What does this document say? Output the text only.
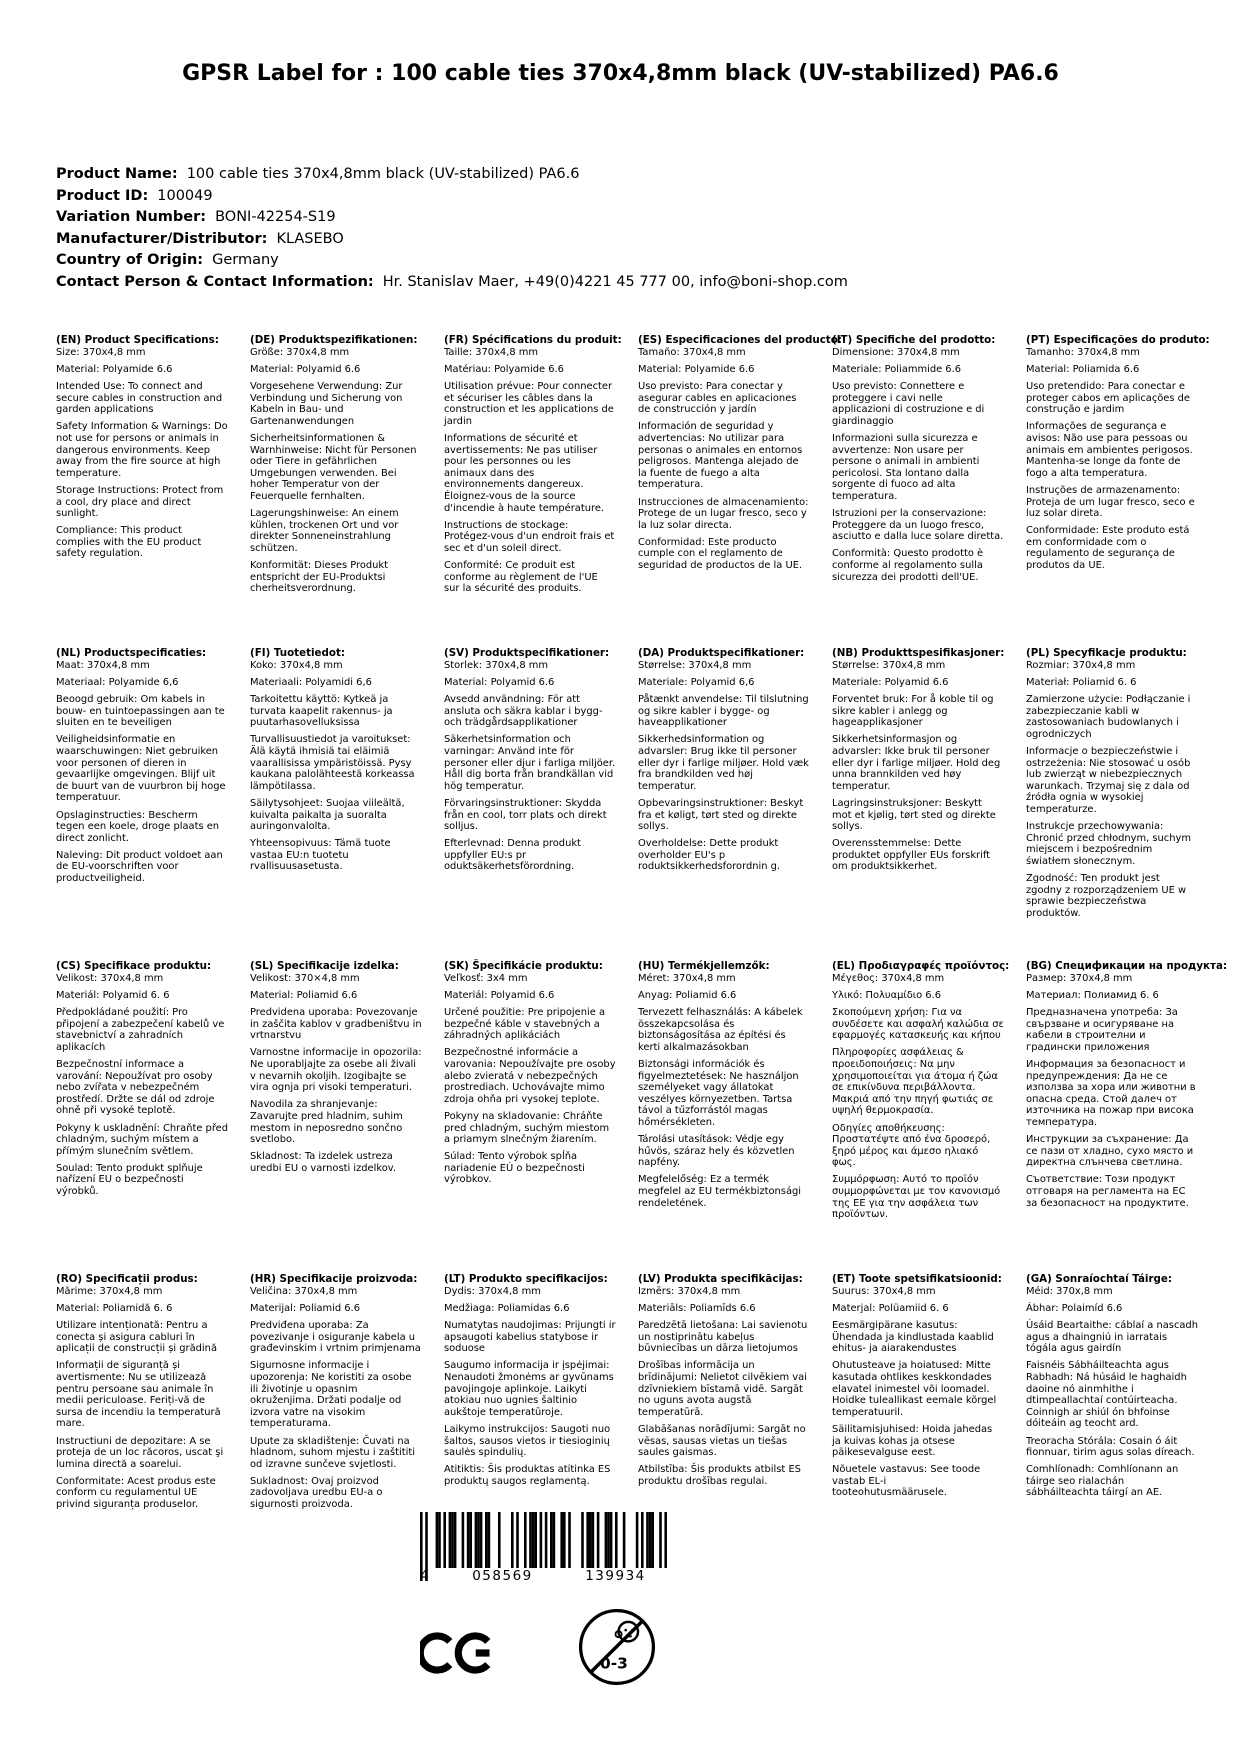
GPSR Label for : 100 cable ties 370x4,8mm black (UV-stabilized) PA6.6
Product Name: 100 cable ties 370x4,8mm black (UV-stabilized) PA6.6
Product ID: 100049
Variation Number: BONI-42254-S19
Manufacturer/Distributor: KLASEBO
Country of Origin: Germany
Contact Person & Contact Information: Hr. Stanislav Maer, +49(0)4221 45 777 00, info@boni-shop.com
(EN) Product Specifications:

Size: 370x4,8 mm

Material: Polyamide 6.6

Intended Use: To connect and secure cables in construction and garden applications

Safety Information & Warnings: Do not use for persons or animals in dangerous environments. Keep away from the fire source at high temperature.

Storage Instructions: Protect from a cool, dry place and direct sunlight.

Compliance: This product complies with the EU product safety regulation.

(DE) Produktspezifikationen:

Größe: 370x4,8 mm

Material: Polyamid 6.6

Vorgesehene Verwendung: Zur Verbindung und Sicherung von Kabeln in Bau- und Gartenanwendungen

Sicherheitsinformationen & Warnhinweise: Nicht für Personen oder Tiere in gefährlichen Umgebungen verwenden. Bei hoher Temperatur von der Feuerquelle fernhalten.

Lagerungshinweise: An einem kühlen, trockenen Ort und vor direkter Sonneneinstrahlung schützen.

Konformität: Dieses Produkt entspricht der EU-Produktsi cherheitsverordnung.

(FR) Spécifications du produit:

Taille: 370x4,8 mm

Matériau: Polyamide 6.6

Utilisation prévue: Pour connecter et sécuriser les câbles dans la construction et les applications de jardin

Informations de sécurité et avertissements: Ne pas utiliser pour les personnes ou les animaux dans des environnements dangereux. Éloignez-vous de la source d'incendie à haute température.

Instructions de stockage: Protégez-vous d'un endroit frais et sec et d'un soleil direct.

Conformité: Ce produit est conforme au règlement de l'UE sur la sécurité des produits.

(ES) Especificaciones del producto:

Tamaño: 370x4,8 mm

Material: Polyamide 6.6

Uso previsto: Para conectar y asegurar cables en aplicaciones de construcción y jardín

Información de seguridad y advertencias: No utilizar para personas o animales en entornos peligrosos. Mantenga alejado de la fuente de fuego a alta temperatura.

Instrucciones de almacenamiento: Protege de un lugar fresco, seco y la luz solar directa.

Conformidad: Este producto cumple con el reglamento de seguridad de productos de la UE.

(IT) Specifiche del prodotto:

Dimensione: 370x4,8 mm

Materiale: Poliammide 6.6

Uso previsto: Connettere e proteggere i cavi nelle applicazioni di costruzione e di giardinaggio

Informazioni sulla sicurezza e avvertenze: Non usare per persone o animali in ambienti pericolosi. Sta lontano dalla sorgente di fuoco ad alta temperatura.

Istruzioni per la conservazione: Proteggere da un luogo fresco, asciutto e dalla luce solare diretta.

Conformità: Questo prodotto è conforme al regolamento sulla sicurezza dei prodotti dell'UE.

(PT) Especificações do produto:

Tamanho: 370x4,8 mm

Material: Poliamida 6.6

Uso pretendido: Para conectar e proteger cabos em aplicações de construção e jardim

Informações de segurança e avisos: Não use para pessoas ou animais em ambientes perigosos. Mantenha-se longe da fonte de fogo a alta temperatura.

Instruções de armazenamento: Proteja de um lugar fresco, seco e luz solar direta.

Conformidade: Este produto está em conformidade com o regulamento de segurança de produtos da UE.

(NL) Productspecificaties:

Maat: 370x4,8 mm

Materiaal: Polyamide 6,6

Beoogd gebruik: Om kabels in bouw- en tuintoepassingen aan te sluiten en te beveiligen

Veiligheidsinformatie en waarschuwingen: Niet gebruiken voor personen of dieren in gevaarlijke omgevingen. Blijf uit de buurt van de vuurbron bij hoge temperatuur.

Opslaginstructies: Bescherm tegen een koele, droge plaats en direct zonlicht.

Naleving: Dit product voldoet aan de EU-voorschriften voor productveiligheid.

(FI) Tuotetiedot:

Koko: 370x4,8 mm

Materiaali: Polyamidi 6,6

Tarkoitettu käyttö: Kytkeä ja turvata kaapelit rakennus- ja puutarhasovelluksissa

Turvallisuustiedot ja varoitukset: Älä käytä ihmisiä tai eläimiä vaarallisissa ympäristöissä. Pysy kaukana palolähteestä korkeassa lämpötilassa.

Säilytysohjeet: Suojaa viileältä, kuivalta paikalta ja suoralta auringonvalolta.

Yhteensopivuus: Tämä tuote vastaa EU:n tuotetu rvallisuusasetusta.

(SV) Produktspecifikationer:

Storlek: 370x4,8 mm

Material: Polyamid 6.6

Avsedd användning: För att ansluta och säkra kablar i bygg- och trädgårdsapplikationer

Säkerhetsinformation och varningar: Använd inte för personer eller djur i farliga miljöer. Håll dig borta från brandkällan vid hög temperatur.

Förvaringsinstruktioner: Skydda från en cool, torr plats och direkt solljus.

Efterlevnad: Denna produkt uppfyller EU:s pr oduktsäkerhetsförordning.

(DA) Produktspecifikationer:

Størrelse: 370x4,8 mm

Materiale: Polyamid 6,6

Påtænkt anvendelse: Til tilslutning og sikre kabler i bygge- og haveapplikationer

Sikkerhedsinformation og advarsler: Brug ikke til personer eller dyr i farlige miljøer. Hold væk fra brandkilden ved høj temperatur.

Opbevaringsinstruktioner: Beskyt fra et køligt, tørt sted og direkte sollys.

Overholdelse: Dette produkt overholder EU's p roduktsikkerhedsforordnin g.

(NB) Produkttspesifikasjoner:

Størrelse: 370x4,8 mm

Materiale: Polyamid 6.6

Forventet bruk: For å koble til og sikre kabler i anlegg og hageapplikasjoner

Sikkerhetsinformasjon og advarsler: Ikke bruk til personer eller dyr i farlige miljøer. Hold deg unna brannkilden ved høy temperatur.

Lagringsinstruksjoner: Beskytt mot et kjølig, tørt sted og direkte sollys.

Overensstemmelse: Dette produktet oppfyller EUs forskrift om produktsikkerhet.

(PL) Specyfikacje produktu:

Rozmiar: 370x4,8 mm

Materiał: Poliamid 6. 6

Zamierzone użycie: Podłączanie i zabezpieczanie kabli w zastosowaniach budowlanych i ogrodniczych

Informacje o bezpieczeństwie i ostrzeżenia: Nie stosować u osób lub zwierząt w niebezpiecznych warunkach. Trzymaj się z dala od źródła ognia w wysokiej temperaturze.

Instrukcje przechowywania: Chronić przed chłodnym, suchym miejscem i bezpośrednim światłem słonecznym.

Zgodność: Ten produkt jest zgodny z rozporządzeniem UE w sprawie bezpieczeństwa produktów.

(CS) Specifikace produktu:

Velikost: 370x4,8 mm

Materiál: Polyamid 6. 6

Předpokládané použití: Pro připojení a zabezpečení kabelů ve stavebnictví a zahradních aplikacích

Bezpečnostní informace a varování: Nepoužívat pro osoby nebo zvířata v nebezpečném prostředí. Držte se dál od zdroje ohně při vysoké teplotě.

Pokyny k uskladnění: Chraňte před chladným, suchým místem a přímým slunečním světlem.

Soulad: Tento produkt splňuje nařízení EU o bezpečnosti výrobků.

(SL) Specifikacije izdelka:

Velikost: 370×4,8 mm

Material: Poliamid 6.6

Predvidena uporaba: Povezovanje in zaščita kablov v gradbeništvu in vrtnarstvu

Varnostne informacije in opozorila: Ne uporabljajte za osebe ali živali v nevarnih okoljih. Izogibajte se vira ognja pri visoki temperaturi.

Navodila za shranjevanje: Zavarujte pred hladnim, suhim mestom in neposredno sončno svetlobo.

Skladnost: Ta izdelek ustreza uredbi EU o varnosti izdelkov.

(SK) Špecifikácie produktu:

Veľkosť: 3x4 mm

Materiál: Polyamid 6.6

Určené použitie: Pre pripojenie a bezpečné káble v stavebných a záhradných aplikáciách

Bezpečnostné informácie a varovania: Nepoužívajte pre osoby alebo zvieratá v nebezpečných prostrediach. Uchovávajte mimo zdroja ohňa pri vysokej teplote.

Pokyny na skladovanie: Chráňte pred chladným, suchým miestom a priamym slnečným žiarením.

Súlad: Tento výrobok spĺňa nariadenie EÚ o bezpečnosti výrobkov.

(HU) Termékjellemzők:

Méret: 370x4,8 mm

Anyag: Poliamid 6.6

Tervezett felhasználás: A kábelek összekapcsolása és biztonságosítása az építési és kerti alkalmazásokban

Biztonsági információk és figyelmeztetések: Ne használjon személyeket vagy állatokat veszélyes környezetben. Tartsa távol a tűzforrástól magas hőmérsékleten.

Tárolási utasítások: Védje egy hűvös, száraz hely és közvetlen napfény.

Megfelelőség: Ez a termék megfelel az EU termékbiztonsági rendeletének.

(EL) Προδιαγραφές προϊόντος:

Μέγεθος: 370x4,8 mm

Υλικό: Πολυαμίδιο 6.6

Σκοπούμενη χρήση: Για να συνδέσετε και ασφαλή καλώδια σε εφαρμογές κατασκευής και κήπου

Πληροφορίες ασφάλειας & προειδοποιήσεις: Να μην χρησιμοποιείται για άτομα ή ζώα σε επικίνδυνα περιβάλλοντα. Μακριά από την πηγή φωτιάς σε υψηλή θερμοκρασία.

Οδηγίες αποθήκευσης: Προστατέψτε από ένα δροσερό, ξηρό μέρος και άμεσο ηλιακό φως.

Συμμόρφωση: Αυτό το προϊόν συμμορφώνεται με τον κανονισμό της ΕΕ για την ασφάλεια των προϊόντων.

(BG) Спецификации на продукта:

Размер: 370x4,8 mm

Материал: Полиамид 6. 6

Предназначена употреба: За свързване и осигуряване на кабели в строителни и градински приложения

Информация за безопасност и предупреждения: Да не се използва за хора или животни в опасна среда. Стой далеч от източника на пожар при висока температура.

Инструкции за съхранение: Да се пази от хладно, сухо място и директна слънчева светлина.

Съответствие: Този продукт отговаря на регламента на ЕС за безопасност на продуктите.

(RO) Specificații produs:

Mărime: 370x4,8 mm

Material: Poliamidă 6. 6

Utilizare intenționată: Pentru a conecta și asigura cabluri în aplicații de construcții și grădină

Informații de siguranță și avertismente: Nu se utilizează pentru persoane sau animale în medii periculoase. Feriți-vă de sursa de incendiu la temperatură mare.

Instructiuni de depozitare: A se proteja de un loc răcoros, uscat şi lumina directă a soarelui.

Conformitate: Acest produs este conform cu regulamentul UE privind siguranța produselor.

(HR) Specifikacije proizvoda:

Veličina: 370x4,8 mm

Materijal: Poliamid 6.6

Predviđena uporaba: Za povezivanje i osiguranje kabela u građevinskim i vrtnim primjenama

Sigurnosne informacije i upozorenja: Ne koristiti za osobe ili životinje u opasnim okruženjima. Držati podalje od izvora vatre na visokim temperaturama.

Upute za skladištenje: Čuvati na hladnom, suhom mjestu i zaštititi od izravne sunčeve svjetlosti.

Sukladnost: Ovaj proizvod zadovoljava uredbu EU-a o sigurnosti proizvoda.

(LT) Produkto specifikacijos:

Dydis: 370x4,8 mm

Medžiaga: Poliamidas 6.6

Numatytas naudojimas: Prijungti ir apsaugoti kabelius statybose ir soduose

Saugumo informacija ir įspėjimai: Nenaudoti žmonėms ar gyvūnams pavojingoje aplinkoje. Laikyti atokiau nuo ugnies šaltinio aukštoje temperatūroje.

Laikymo instrukcijos: Saugoti nuo šaltos, sausos vietos ir tiesioginių saulės spindulių.

Atitiktis: Šis produktas atitinka ES produktų saugos reglamentą.

(LV) Produkta specifikācijas:

Izmērs: 370x4,8 mm

Materiāls: Poliamīds 6.6

Paredzētā lietošana: Lai savienotu un nostiprinātu kabeļus būvniecības un dārza lietojumos

Drošības informācija un brīdinājumi: Nelietot cilvēkiem vai dzīvniekiem bīstamā vidē. Sargāt no uguns avota augstā temperatūrā.

Glabāšanas norādījumi: Sargāt no vēsas, sausas vietas un tiešas saules gaismas.

Atbilstība: Šis produkts atbilst ES produktu drošības regulai.

(ET) Toote spetsifikatsioonid:

Suurus: 370x4,8 mm

Materjal: Polüamiid 6. 6

Eesmärgipärane kasutus: Ühendada ja kindlustada kaablid ehitus- ja aiarakendustes

Ohutusteave ja hoiatused: Mitte kasutada ohtlikes keskkondades elavatel inimestel või loomadel. Hoidke tuleallikast eemale kõrgel temperatuuril.

Säilitamisjuhised: Hoida jahedas ja kuivas kohas ja otsese päikesevalguse eest.

Nõuetele vastavus: See toode vastab EL-i tooteohutusmäärusele.

(GA) Sonraíochtaí Táirge:

Méid: 370x,8 mm

Ábhar: Polaimíd 6.6

Úsáid Beartaithe: cáblaí a nascadh agus a dhaingniú in iarratais tógála agus gairdín

Faisnéis Sábháilteachta agus Rabhadh: Ná húsáid le haghaidh daoine nó ainmhithe i dtimpeallachtaí contúirteacha. Coinnigh ar shiúl ón bhfoinse dóiteáin ag teocht ard.

Treoracha Stórála: Cosain ó áit fionnuar, tirim agus solas díreach.

Comhlíonadh: Comhlíonann an táirge seo rialachán sábháilteachta táirgí an AE.

4	058569	139934
0-3
